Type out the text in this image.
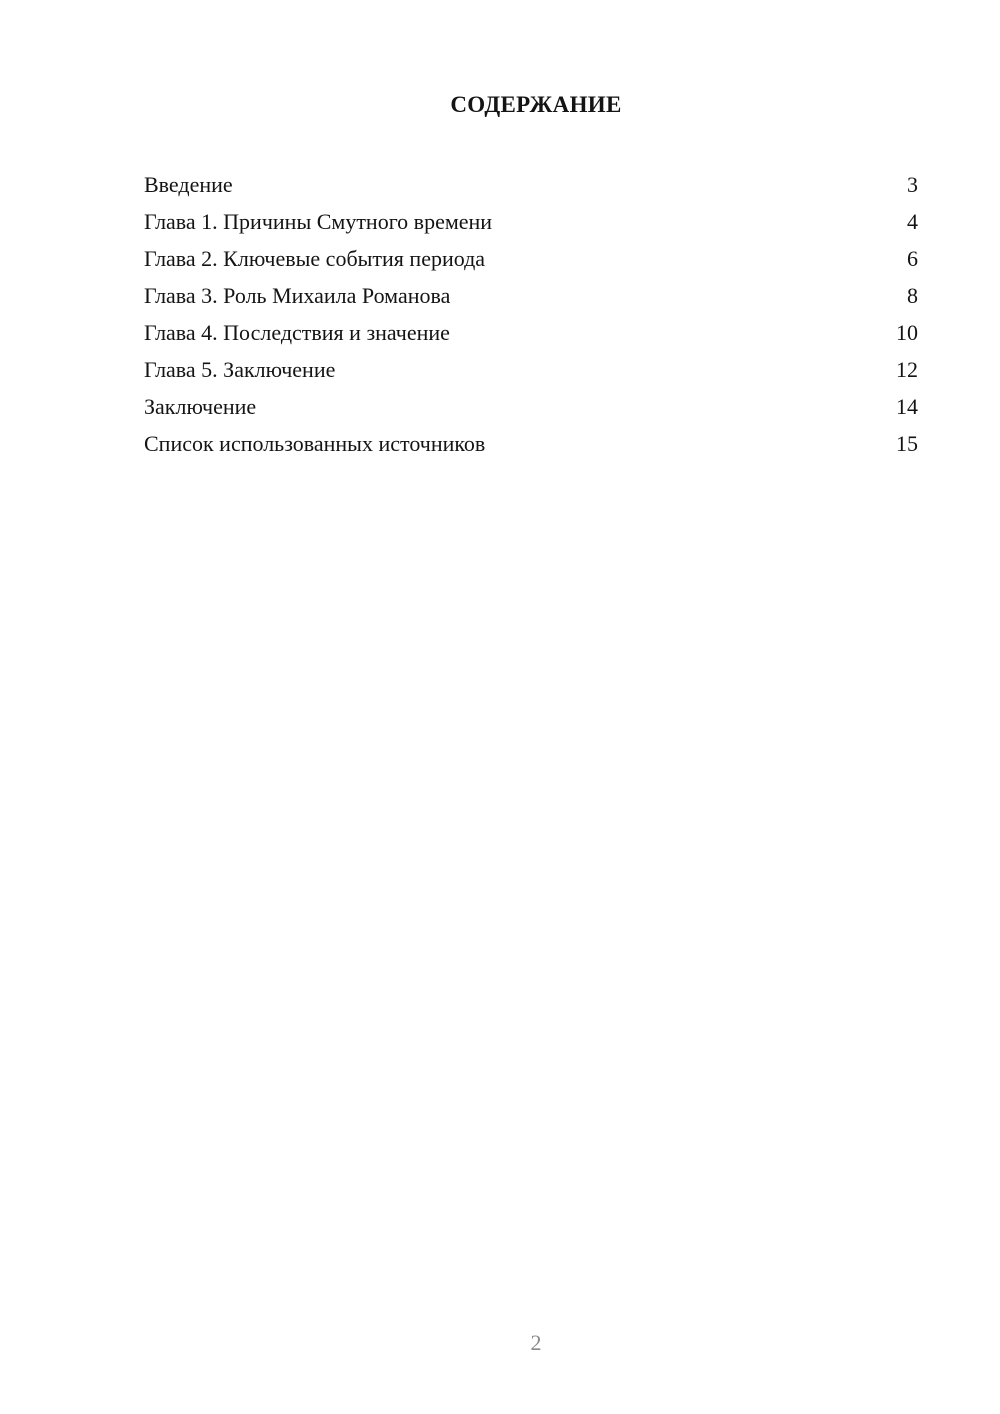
СОДЕРЖАНИЕ
Введение	3
Глава 1. Причины Смутного времени	4
Глава 2. Ключевые события периода	6
Глава 3. Роль Михаила Романова	8
Глава 4. Последствия и значение	10
Глава 5. Заключение	12
Заключение	14
Список использованных источников	15
2
